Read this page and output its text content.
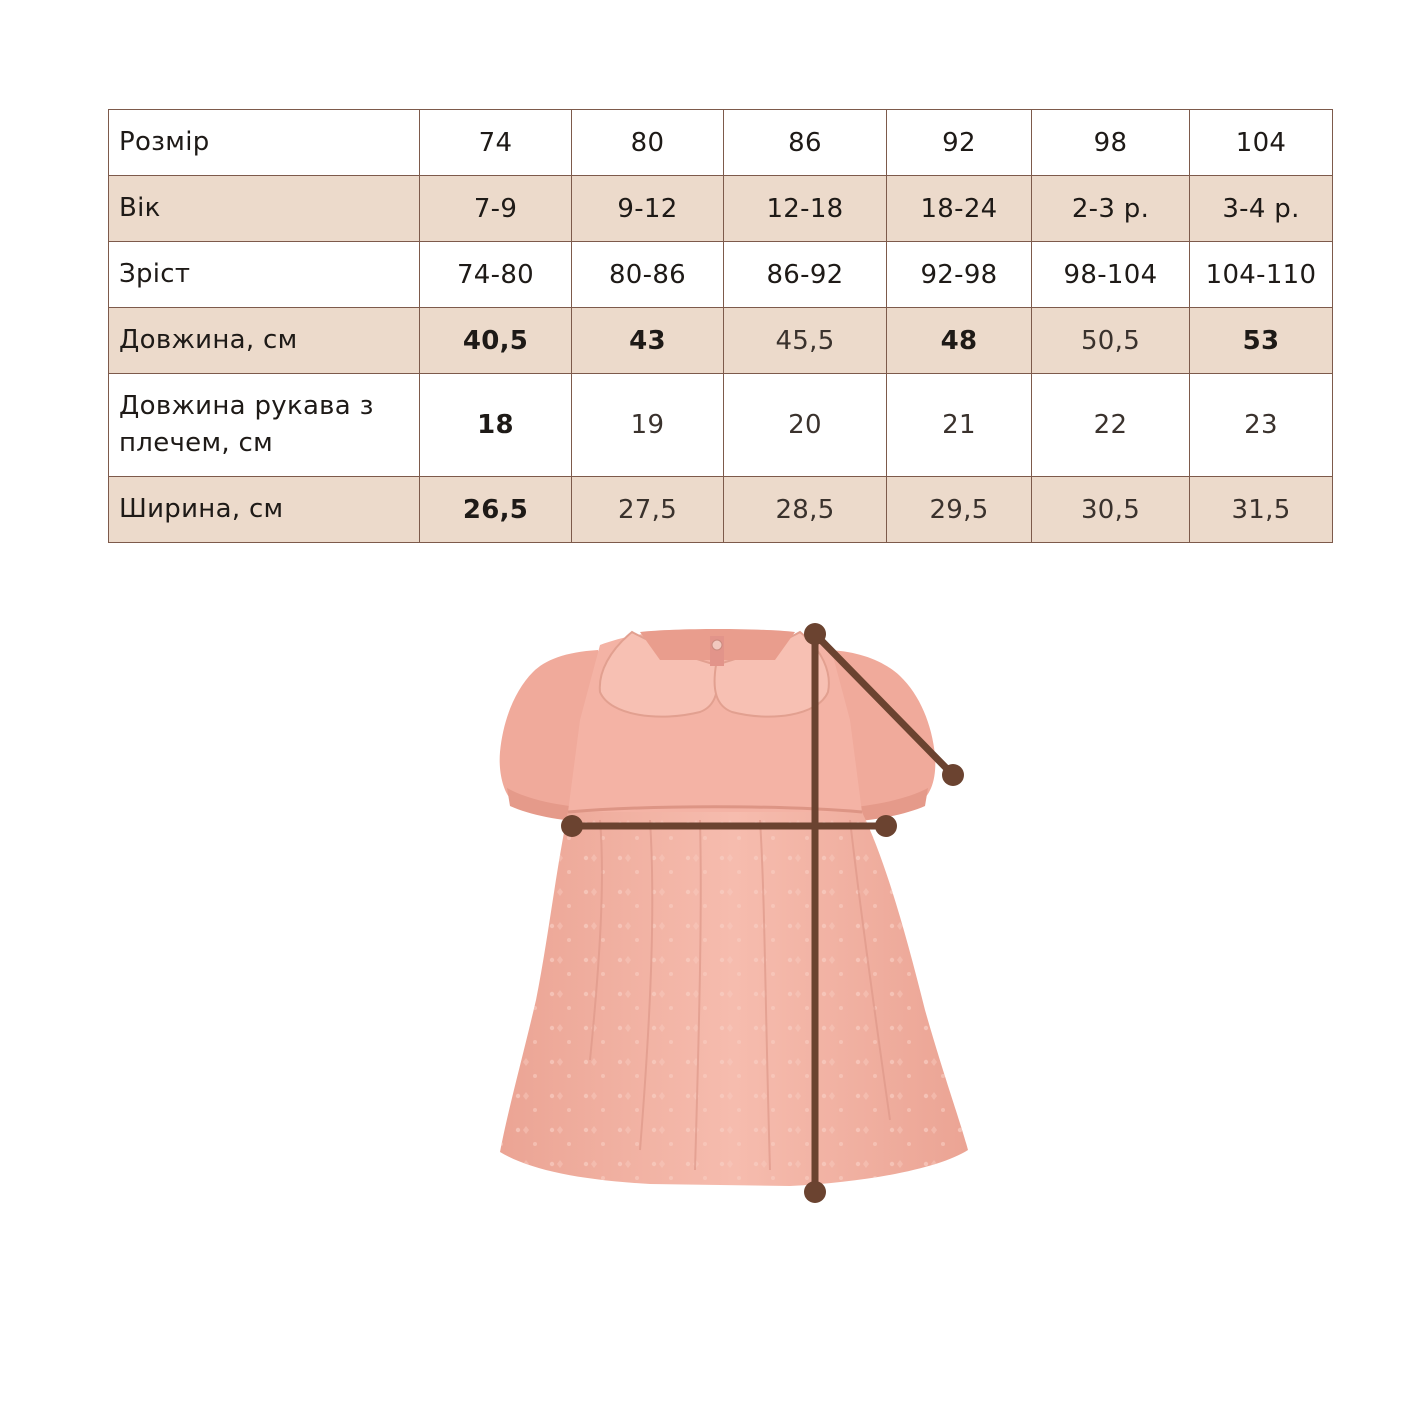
Розмір	74	80	86	92	98	104
Вік	7-9	9-12	12-18	18-24	2-3 р.	3-4 р.
Зріст	74-80	80-86	86-92	92-98	98-104	104-110
Довжина, см	40,5	43	45,5	48	50,5	53
Довжина рукава з плечем, см	18	19	20	21	22	23
Ширина, см	26,5	27,5	28,5	29,5	30,5	31,5
